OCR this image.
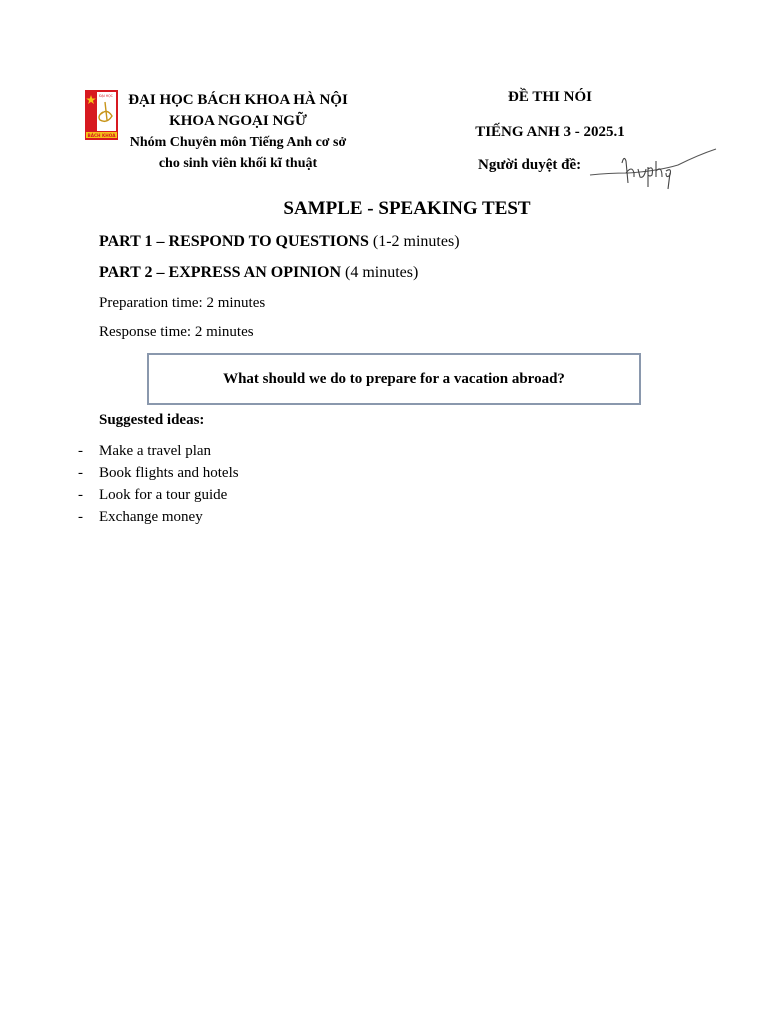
ĐẠI HỌC
BÁCH KHOA
ĐẠI HỌC BÁCH KHOA HÀ NỘI
KHOA NGOẠI NGỮ
Nhóm Chuyên môn Tiếng Anh cơ sở
cho sinh viên khối kĩ thuật
ĐỀ THI NÓI
TIẾNG ANH 3 - 2025.1
Người duyệt đề:
SAMPLE - SPEAKING TEST
PART 1 – RESPOND TO QUESTIONS (1-2 minutes)
PART 2 – EXPRESS AN OPINION (4 minutes)
Preparation time: 2 minutes
Response time: 2 minutes
What should we do to prepare for a vacation abroad?
Suggested ideas:
- Make a travel plan
- Book flights and hotels
- Look for a tour guide
- Exchange money
